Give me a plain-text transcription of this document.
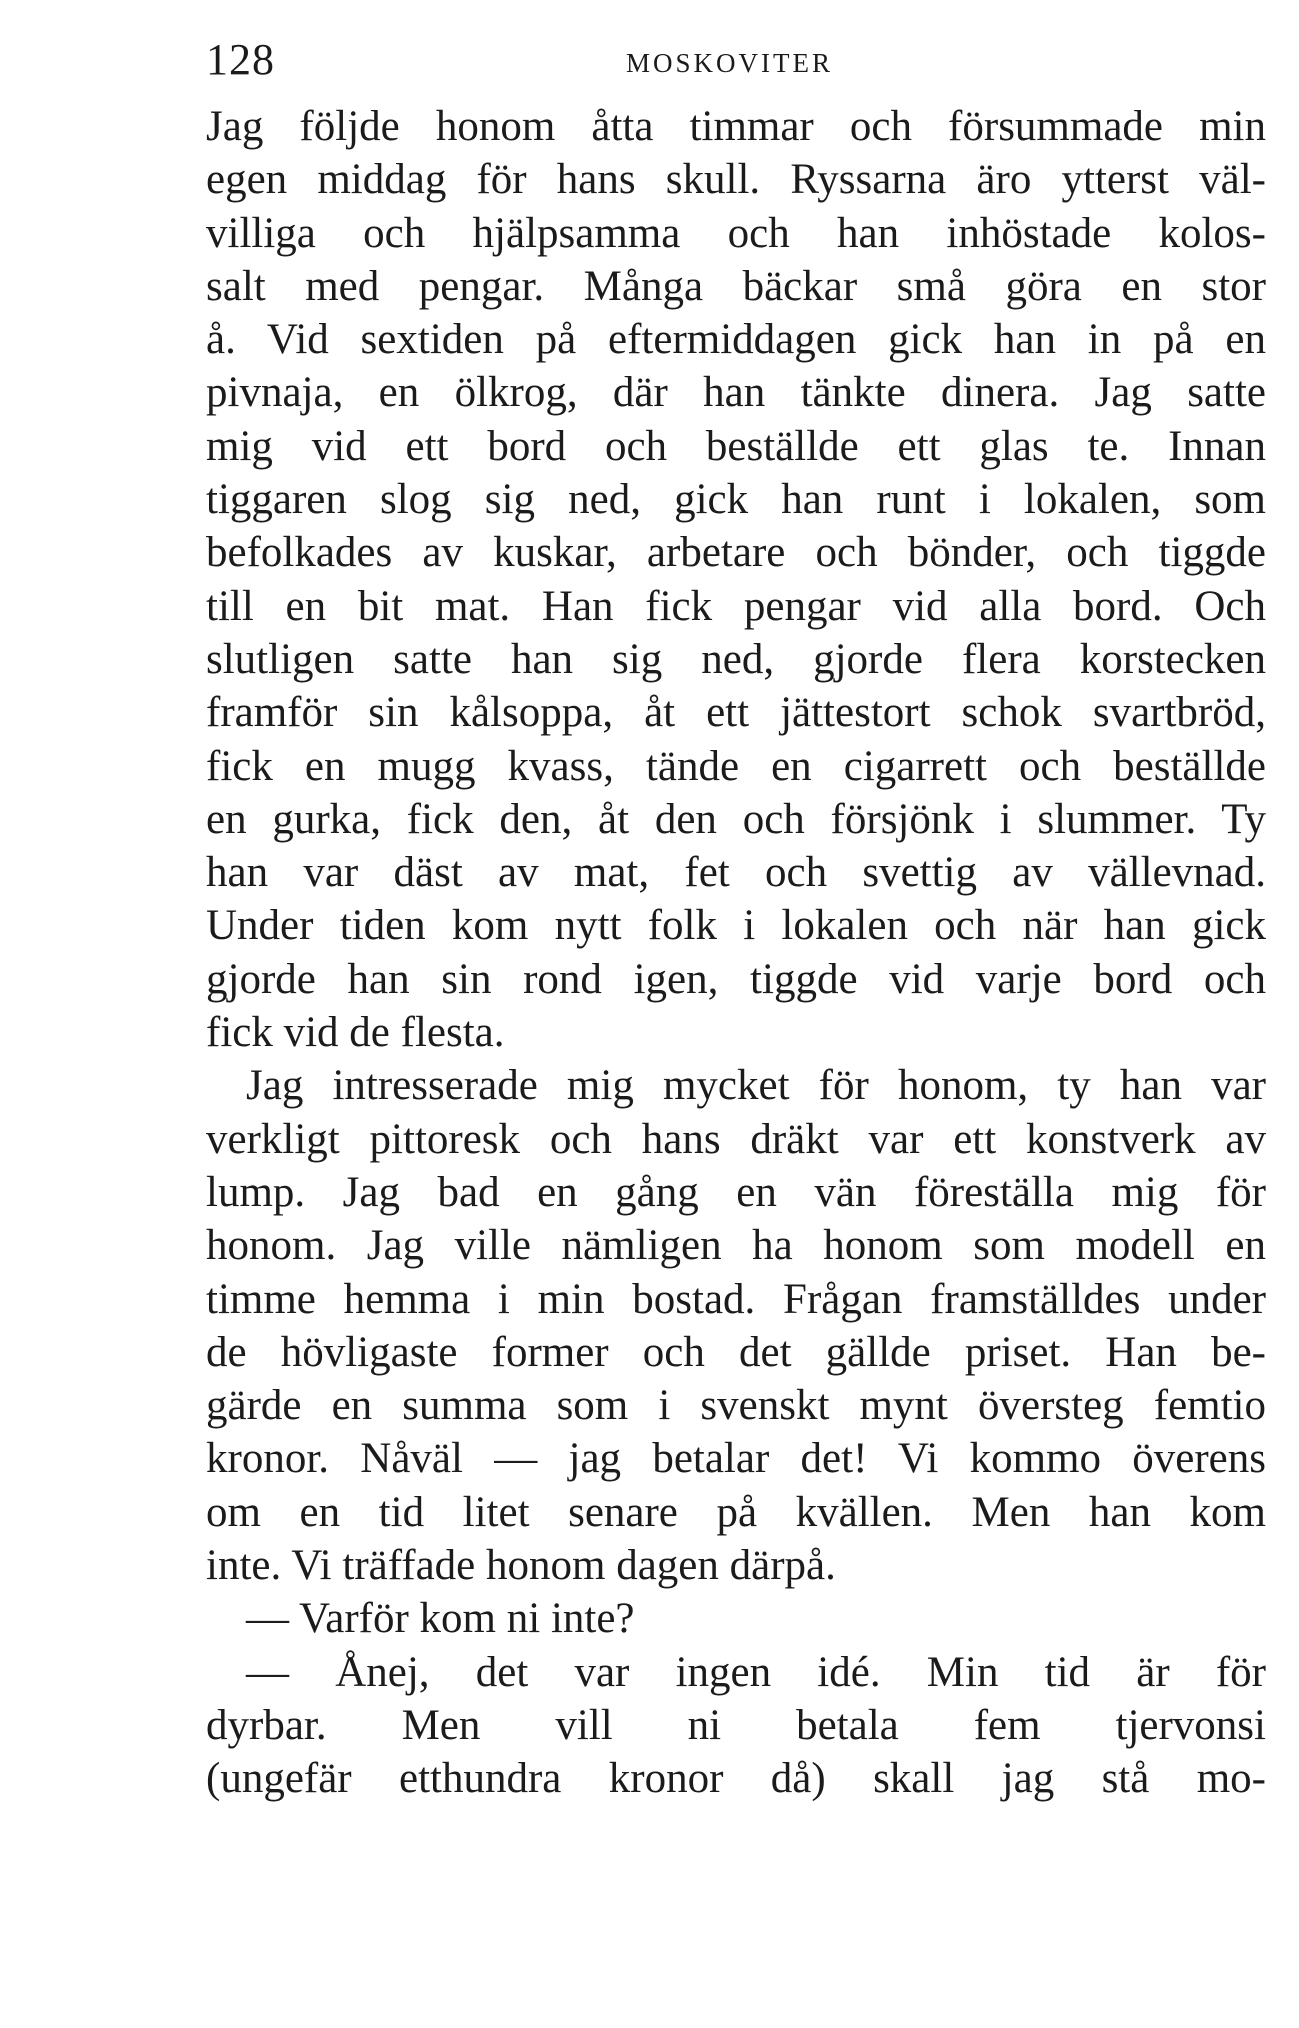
128	MOSKOVITER
Jag följde honom åtta timmar och försummade min
egen middag för hans skull. Ryssarna äro ytterst väl-
villiga och hjälpsamma och han inhöstade kolos-
salt med pengar. Många bäckar små göra en stor
å. Vid sextiden på eftermiddagen gick han in på en
pivnaja, en ölkrog, där han tänkte dinera. Jag satte
mig vid ett bord och beställde ett glas te. Innan
tiggaren slog sig ned, gick han runt i lokalen, som
befolkades av kuskar, arbetare och bönder, och tiggde
till en bit mat. Han fick pengar vid alla bord. Och
slutligen satte han sig ned, gjorde flera korstecken
framför sin kålsoppa, åt ett jättestort schok svartbröd,
fick en mugg kvass, tände en cigarrett och beställde
en gurka, fick den, åt den och försjönk i slummer. Ty
han var däst av mat, fet och svettig av vällevnad.
Under tiden kom nytt folk i lokalen och när han gick
gjorde han sin rond igen, tiggde vid varje bord och
fick vid de flesta.
Jag intresserade mig mycket för honom, ty han var
verkligt pittoresk och hans dräkt var ett konstverk av
lump. Jag bad en gång en vän föreställa mig för
honom. Jag ville nämligen ha honom som modell en
timme hemma i min bostad. Frågan framställdes under
de hövligaste former och det gällde priset. Han be-
gärde en summa som i svenskt mynt översteg femtio
kronor. Nåväl — jag betalar det! Vi kommo överens
om en tid litet senare på kvällen. Men han kom
inte. Vi träffade honom dagen därpå.
— Varför kom ni inte?
— Ånej, det var ingen idé. Min tid är för
dyrbar. Men vill ni betala fem tjervonsi
(ungefär etthundra kronor då) skall jag stå mo-
